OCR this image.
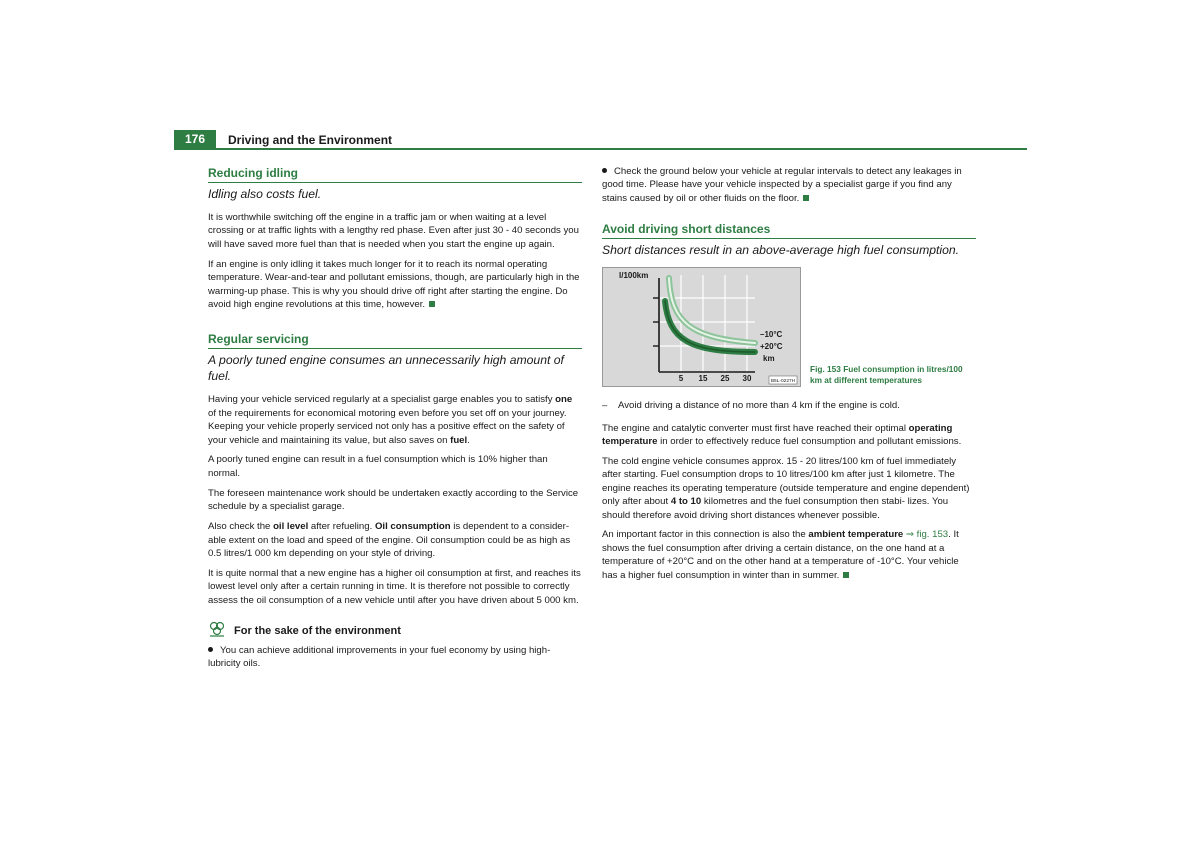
176	Driving and the Environment
Reducing idling
Idling also costs fuel.

It is worthwhile switching off the engine in a traffic jam or when waiting at a level crossing or at traffic lights with a lengthy red phase. Even after just 30 - 40 seconds you will have saved more fuel than that is needed when you start the engine up again.

If an engine is only idling it takes much longer for it to reach its normal operating temperature. Wear-and-tear and pollutant emissions, though, are particularly high in the warming-up phase. This is why you should drive off right after starting the engine. Do avoid high engine revolutions at this time, however.

Regular servicing
A poorly tuned engine consumes an unnecessarily high amount of fuel.

Having your vehicle serviced regularly at a specialist garge enables you to satisfy one of the requirements for economical motoring even before you set off on your journey. Keeping your vehicle properly serviced not only has a positive effect on the safety of your vehicle and maintaining its value, but also saves on fuel.

A poorly tuned engine can result in a fuel consumption which is 10% higher than normal.

The foreseen maintenance work should be undertaken exactly according to the Service schedule by a specialist garage.

Also check the oil level after refueling. Oil consumption is dependent to a consider- able extent on the load and speed of the engine. Oil consumption could be as high as 0.5 litres/1 000 km depending on your style of driving.

It is quite normal that a new engine has a higher oil consumption at first, and reaches its lowest level only after a certain running in time. It is therefore not possible to correctly assess the oil consumption of a new vehicle until after you have driven about 5 000 km.

For the sake of the environment

You can achieve additional improvements in your fuel economy by using high- lubricity oils.

Check the ground below your vehicle at regular intervals to detect any leakages in good time. Please have your vehicle inspected by a specialist garge if you find any stains caused by oil or other fluids on the floor.

Avoid driving short distances
Short distances result in an above-average high fuel consumption.
l/100km
–10°C
+20°C
km
5 15 25 30	B5L-0227H
Fig. 153 Fuel consumption in litres/100 km at different temperatures

– Avoid driving a distance of no more than 4 km if the engine is cold.

The engine and catalytic converter must first have reached their optimal operating temperature in order to effectively reduce fuel consumption and pollutant emissions.

The cold engine vehicle consumes approx. 15 - 20 litres/100 km of fuel immediately after starting. Fuel consumption drops to 10 litres/100 km after just 1 kilometre. The engine reaches its operating temperature (outside temperature and engine dependent) only after about 4 to 10 kilometres and the fuel consumption then stabi- lizes. You should therefore avoid driving short distances whenever possible.

An important factor in this connection is also the ambient temperature ⇒ fig. 153. It shows the fuel consumption after driving a certain distance, on the one hand at a temperature of +20°C and on the other hand at a temperature of -10°C. Your vehicle has a higher fuel consumption in winter than in summer.
